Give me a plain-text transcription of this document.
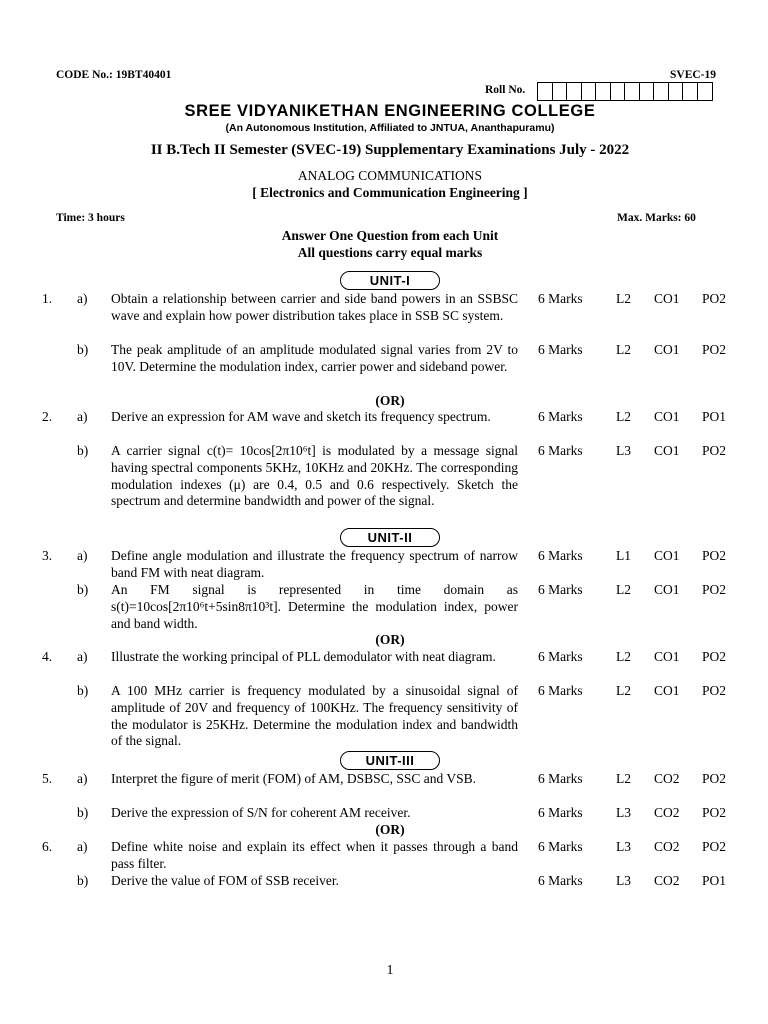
CODE No.: 19BT40401	SVEC-19
Roll No.
SREE VIDYANIKETHAN ENGINEERING COLLEGE
(An Autonomous Institution, Affiliated to JNTUA, Ananthapuramu)
II B.Tech II Semester (SVEC-19) Supplementary Examinations July - 2022
ANALOG COMMUNICATIONS
[ Electronics and Communication Engineering ]
Time: 3 hours	Max. Marks: 60
Answer One Question from each Unit
All questions carry equal marks
UNIT-I
UNIT-II
UNIT-III
(OR)
(OR)
(OR)
1. a) Obtain a relationship between carrier and side band powers in an SSBSC wave and explain how power distribution takes place in SSB SC system.
6 Marks L2 CO1 PO2
b) The peak amplitude of an amplitude modulated signal varies from 2V to 10V. Determine the modulation index, carrier power and sideband power.
6 Marks L2 CO1 PO2
2. a) Derive an expression for AM wave and sketch its frequency spectrum.	6 Marks L2 CO1 PO1
b) A carrier signal c(t)= 10cos[2π10⁶t] is modulated by a message signal having spectral components 5KHz, 10KHz and 20KHz. The corresponding modulation indexes (μ) are 0.4, 0.5 and 0.6 respectively. Sketch the spectrum and determine bandwidth and power of the signal.
6 Marks L3 CO1 PO2
3. a) Define angle modulation and illustrate the frequency spectrum of narrow band FM with neat diagram.
6 Marks L1 CO1 PO2
b) An FM signal is represented in time domain as s(t)=10cos[2π10⁶t+5sin8π10³t]. Determine the modulation index, power and band width.
6 Marks L2 CO1 PO2
4. a) Illustrate the working principal of PLL demodulator with neat diagram.	6 Marks L2 CO1 PO2
b) A 100 MHz carrier is frequency modulated by a sinusoidal signal of amplitude of 20V and frequency of 100KHz. The frequency sensitivity of the modulator is 25KHz. Determine the modulation index and bandwidth of the signal.
6 Marks L2 CO1 PO2
5. a) Interpret the figure of merit (FOM) of AM, DSBSC, SSC and VSB.	6 Marks L2 CO2 PO2
b) Derive the expression of S/N for coherent AM receiver.	6 Marks L3 CO2 PO2
6. a) Define white noise and explain its effect when it passes through a band pass filter.
6 Marks L3 CO2 PO2
b) Derive the value of FOM of SSB receiver.	6 Marks L3 CO2 PO1
1
